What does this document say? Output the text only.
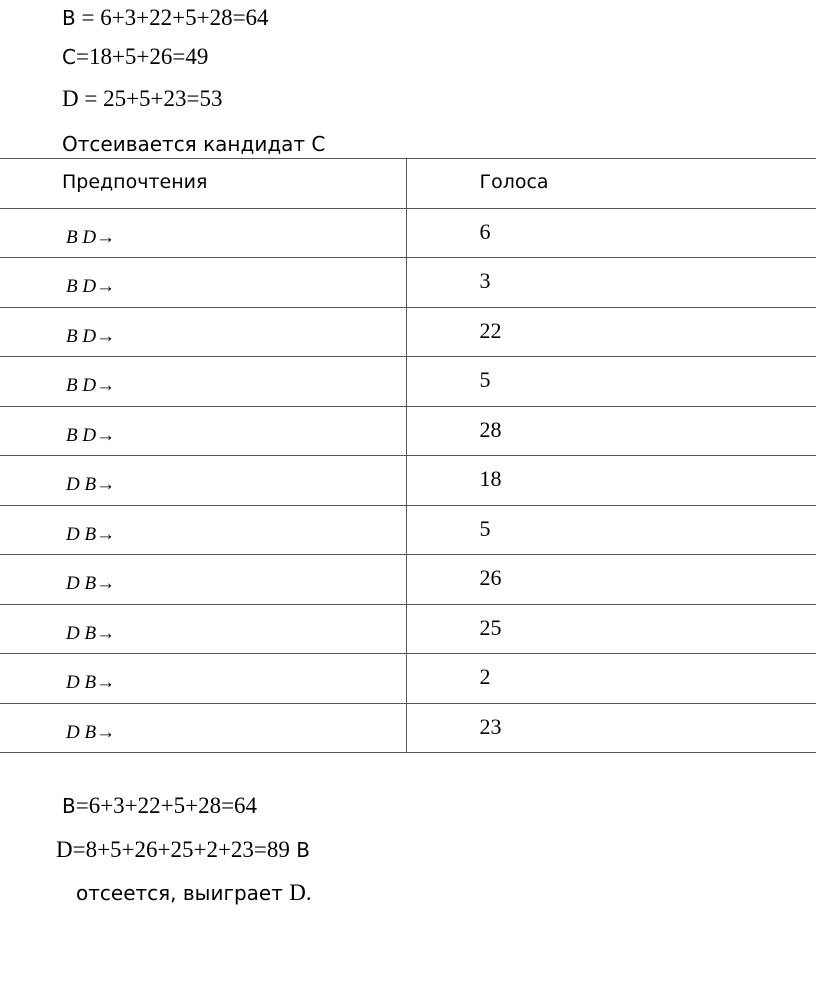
B = 6+3+22+5+28=64
C=18+5+26=49
D = 25+5+23=53
Отсеивается кандидат С
Предпочтения	Голоса

B D→	6

B D→	3

B D→	22

B D→	5

B D→	28

D B→	18

D B→	5

D B→	26

D B→	25

D B→	2

D B→	23
B=6+3+22+5+28=64
D=8+5+26+25+2+23=89 B
отсеется, выиграет D.
